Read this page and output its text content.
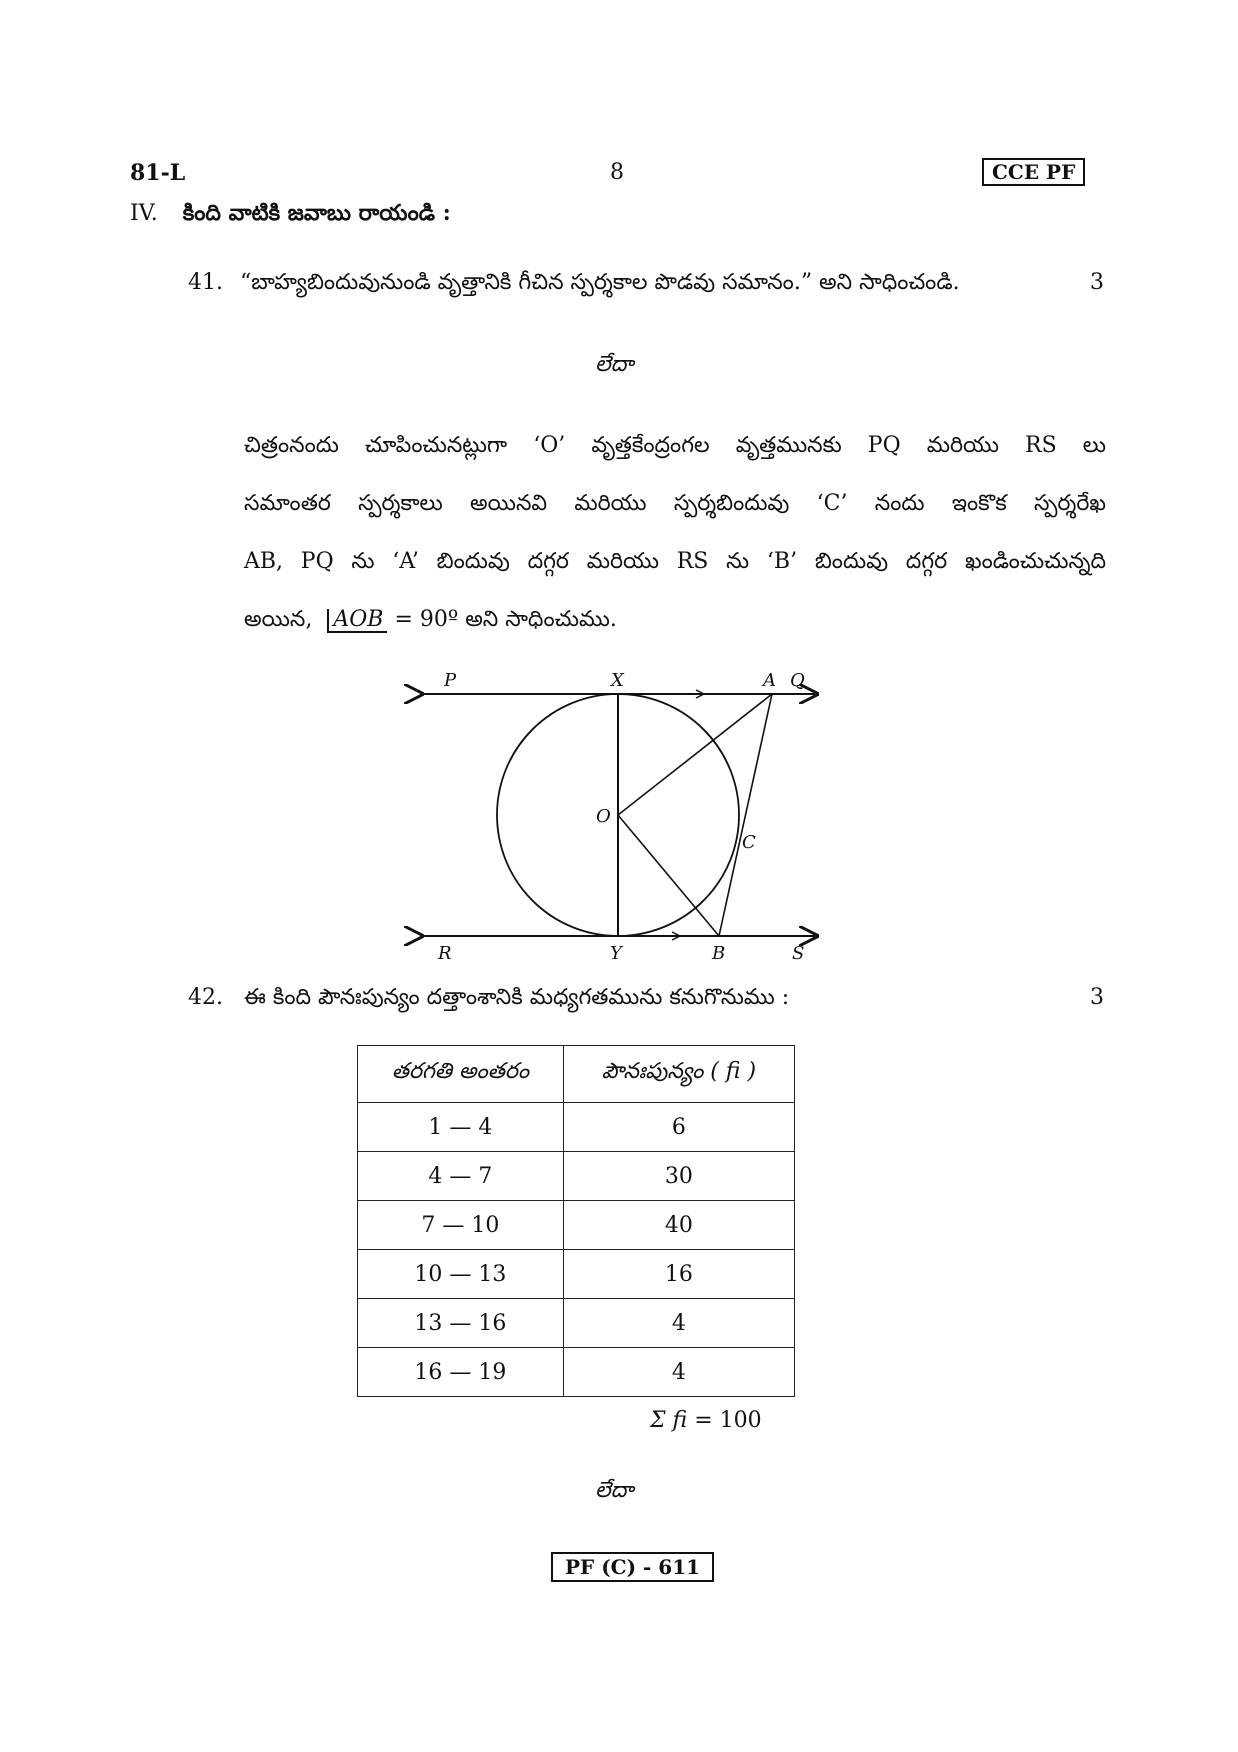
81-L	8	CCE PF
IV. కింది వాటికి జవాబు రాయండి :
41. “బాహ్యబిందువునుండి వృత్తానికి గీచిన స్పర్శకాల పొడవు సమానం.” అని సాధించండి.	3
లేదా
చిత్రంనందు చూపించునట్లుగా ‘O’ వృత్తకేంద్రంగల వృత్తమునకు PQ మరియు RS లు
సమాంతర స్పర్శకాలు అయినవి మరియు స్పర్శబిందువు ‘C’ నందు ఇంకొక స్పర్శరేఖ
AB, PQ ను ‘A’ బిందువు దగ్గర మరియు RS ను ‘B’ బిందువు దగ్గర ఖండించుచున్నది
అయిన, AOB = 90º అని సాధించుము.
P	X	A Q
O
C
R	Y	B	S
42. ఈ కింది పౌనఃపున్యం దత్తాంశానికి మధ్యగతమును కనుగొనుము :	3
తరగతి అంతరం	పౌనఃపున్యం ( fi )
1 — 4	6
4 — 7	30
7 — 10	40
10 — 13	16
13 — 16	4
16 — 19	4
Σ fi = 100
లేదా
PF (C) - 611
